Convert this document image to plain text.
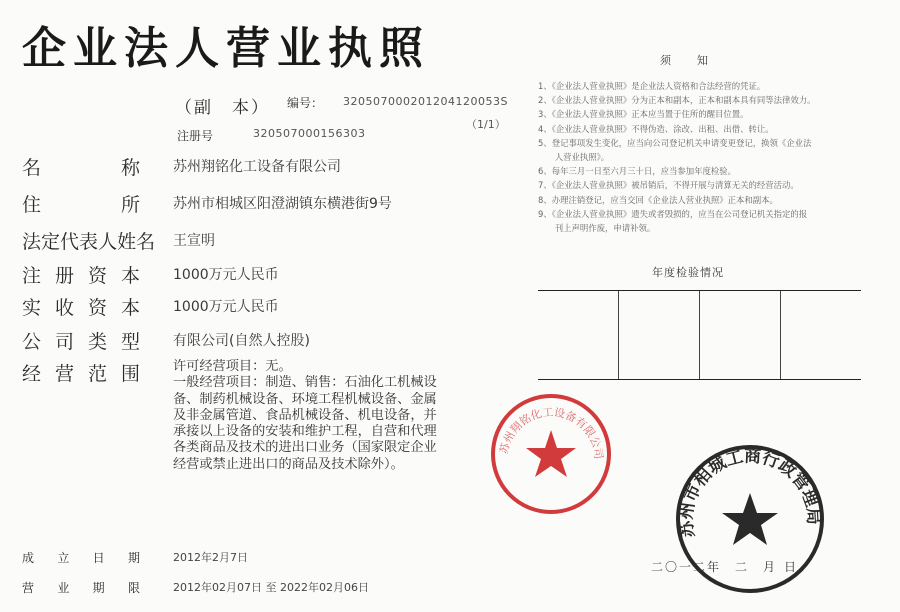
企业法人营业执照
（副　本） 编号： 320507000201204120053S
（1/1）
注册号	320507000156303
名	称 苏州翔铭化工设备有限公司
住	所 苏州市相城区阳澄湖镇东横港街9号
法 定 代 表 人 姓 名 王宣明
注 册 资 本 1000万元人民币
实 收 资 本 1000万元人民币
公 司 类 型 有限公司(自然人控股)
经 营 范 围	许可经营项目：无。
一般经营项目：制造、销售：石油化工机械设
备、制药机械设备、环境工程机械设备、金属
及非金属管道、食品机械设备、机电设备，并
承接以上设备的安装和维护工程，自营和代理
各类商品及技术的进出口业务（国家限定企业
经营或禁止进出口的商品及技术除外）。
成 立 日 期	2012年2月7日
营 业 期 限	2012年02月07日 至 2022年02月06日
须知
1、《企业法人营业执照》是企业法人资格和合法经营的凭证。
2、《企业法人营业执照》分为正本和副本，正本和副本具有同等法律效力。
3、《企业法人营业执照》正本应当置于住所的醒目位置。
4、《企业法人营业执照》不得伪造、涂改、出租、出借、转让。
5、登记事项发生变化，应当向公司登记机关申请变更登记，换领《企业法
　　人营业执照》。
6、每年三月一日至六月三十日，应当参加年度检验。
7、《企业法人营业执照》被吊销后，不得开展与清算无关的经营活动。
8、办理注销登记，应当交回《企业法人营业执照》正本和副本。
9、《企业法人营业执照》遗失或者毁损的，应当在公司登记机关指定的报
　　刊上声明作废，申请补领。
年度检验情况
苏州翔铭化工设备有限公司
苏州市相城工商行政管理局
二〇一二年　二　月 日
